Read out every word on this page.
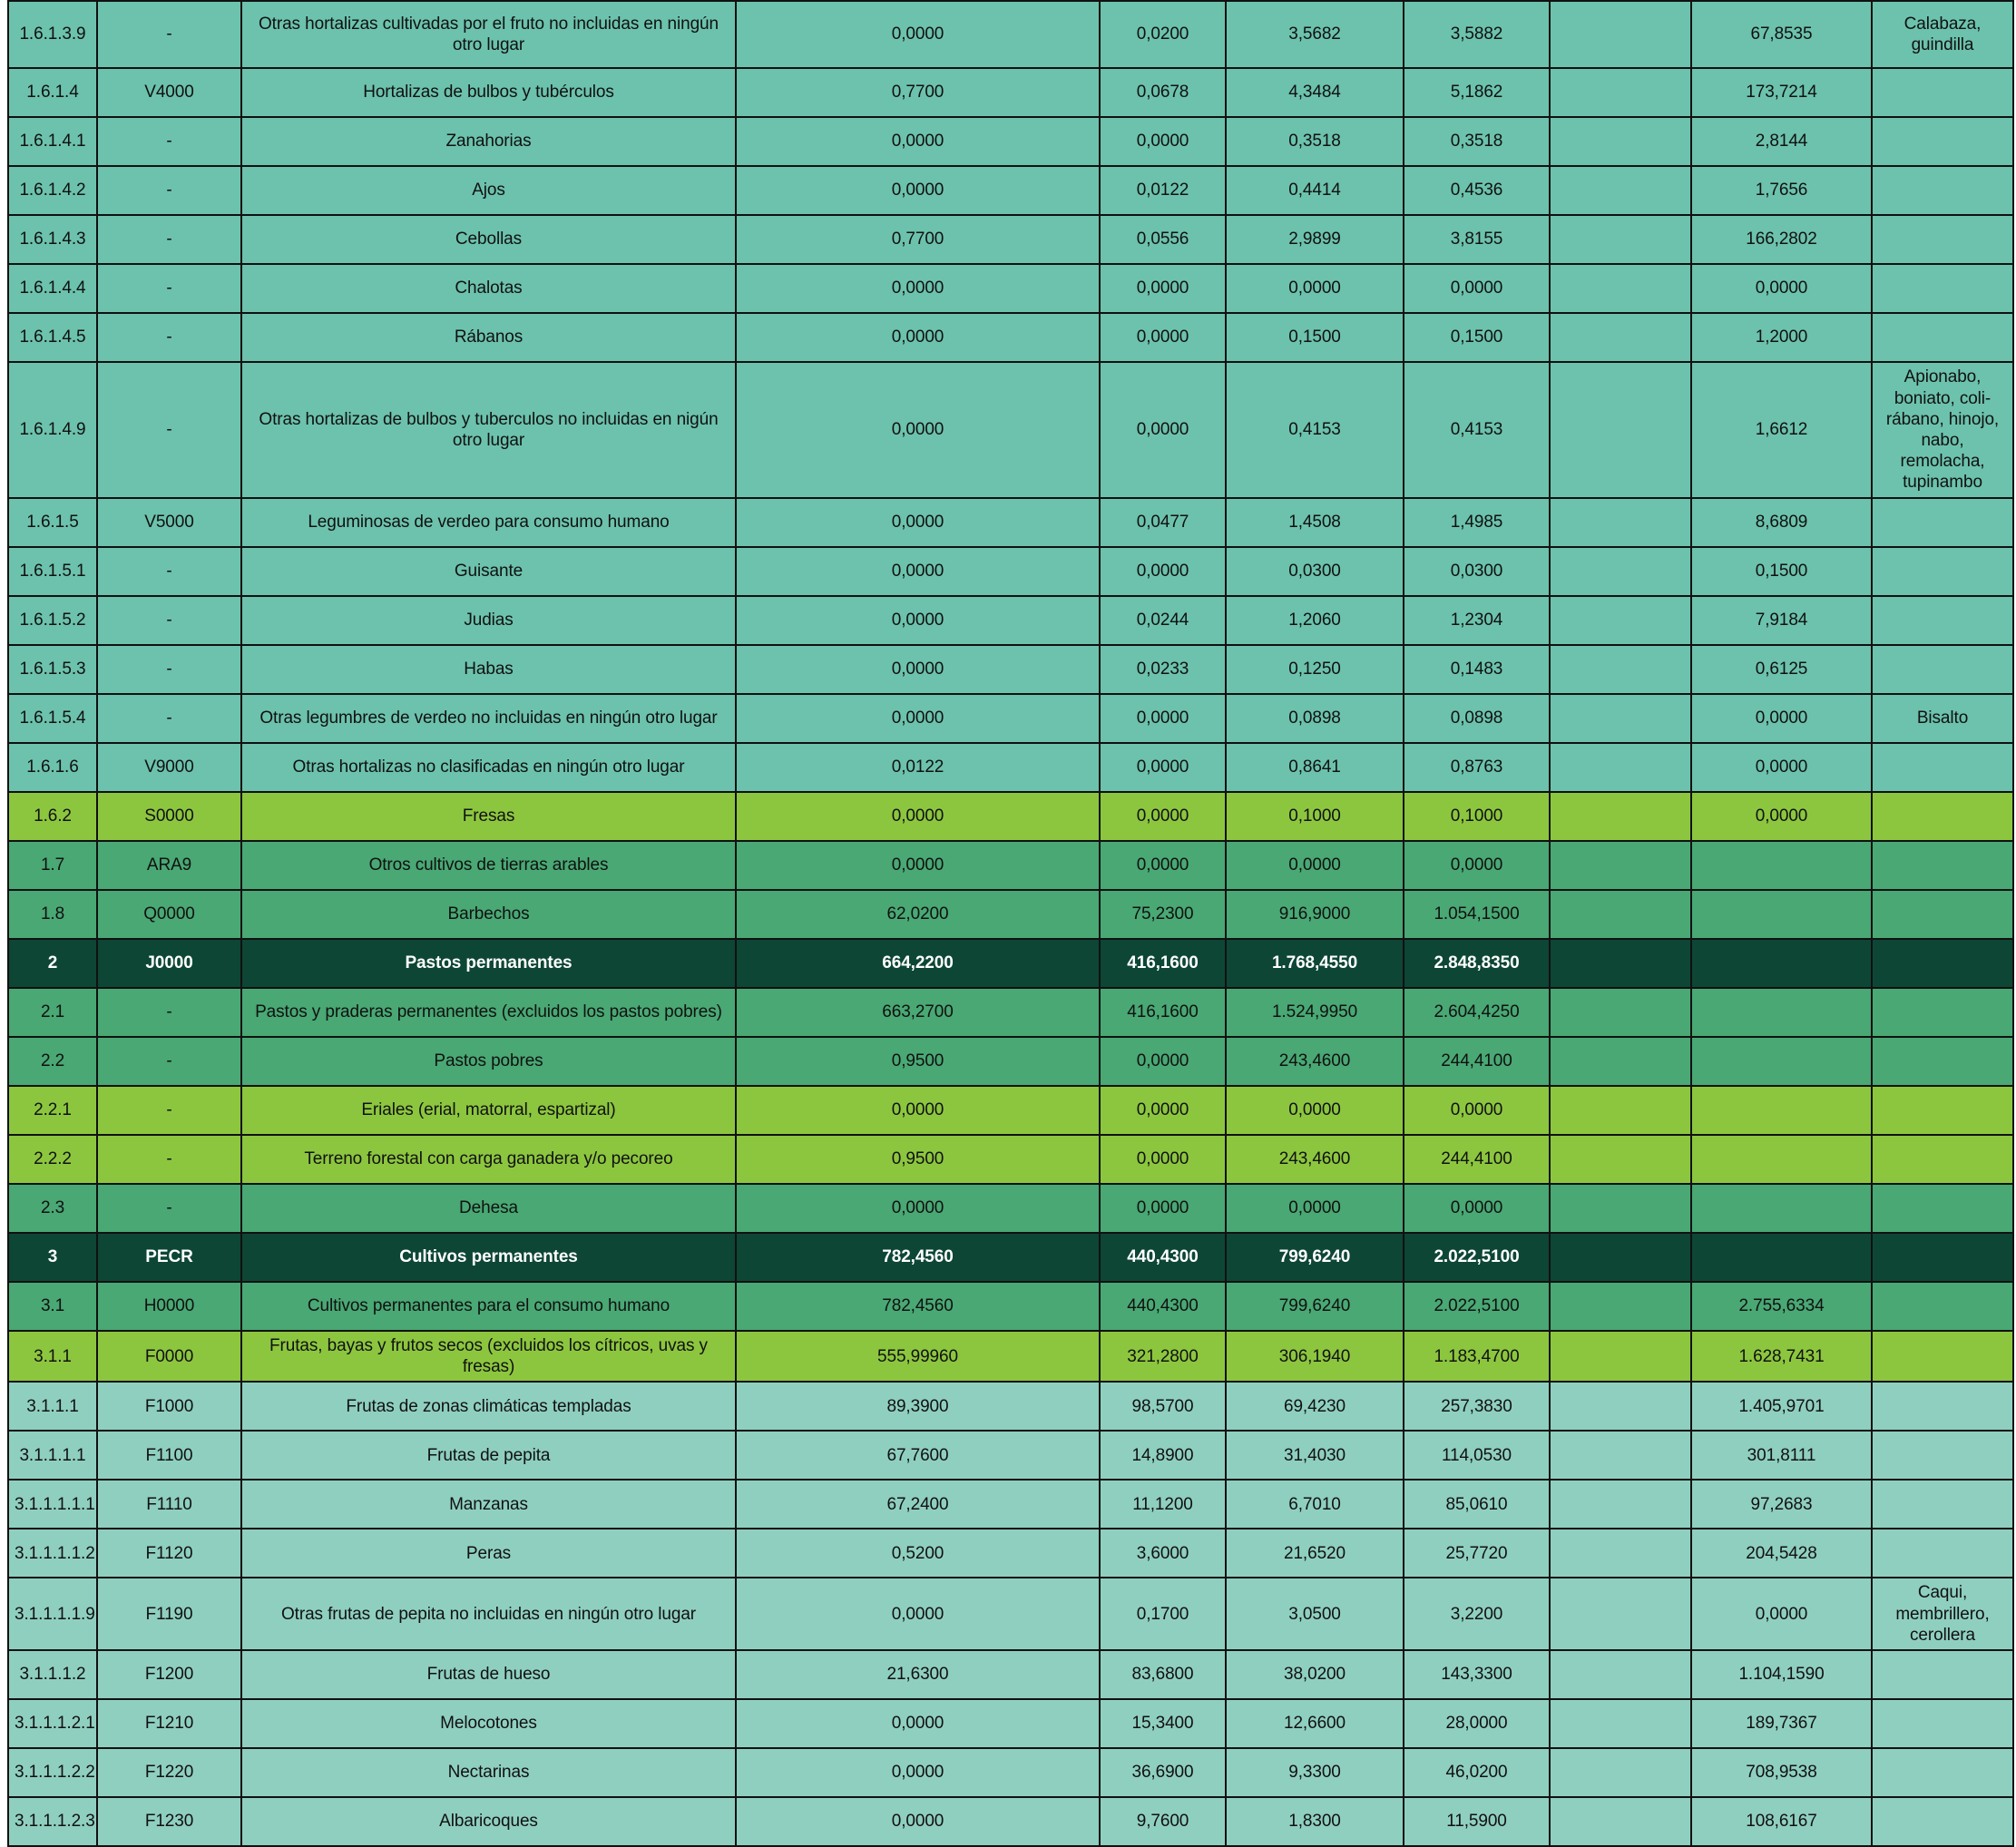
1.6.1.3.9	-	Otras hortalizas cultivadas por el fruto no incluidas en ningún otro lugar	0,0000	0,0200	3,5682	3,5882		67,8535	Calabaza, guindilla
1.6.1.4	V4000	Hortalizas de bulbos y tubérculos	0,7700	0,0678	4,3484	5,1862		173,7214	
1.6.1.4.1	-	Zanahorias	0,0000	0,0000	0,3518	0,3518		2,8144	
1.6.1.4.2	-	Ajos	0,0000	0,0122	0,4414	0,4536		1,7656	
1.6.1.4.3	-	Cebollas	0,7700	0,0556	2,9899	3,8155		166,2802	
1.6.1.4.4	-	Chalotas	0,0000	0,0000	0,0000	0,0000		0,0000	
1.6.1.4.5	-	Rábanos	0,0000	0,0000	0,1500	0,1500		1,2000	
1.6.1.4.9	-	Otras hortalizas de bulbos y tuberculos no incluidas en nigún otro lugar	0,0000	0,0000	0,4153	0,4153		1,6612	Apionabo, boniato, coli-rábano, hinojo, nabo, remolacha, tupinambo
1.6.1.5	V5000	Leguminosas de verdeo para consumo humano	0,0000	0,0477	1,4508	1,4985		8,6809	
1.6.1.5.1	-	Guisante	0,0000	0,0000	0,0300	0,0300		0,1500	
1.6.1.5.2	-	Judias	0,0000	0,0244	1,2060	1,2304		7,9184	
1.6.1.5.3	-	Habas	0,0000	0,0233	0,1250	0,1483		0,6125	
1.6.1.5.4	-	Otras legumbres de verdeo no incluidas en ningún otro lugar	0,0000	0,0000	0,0898	0,0898		0,0000	Bisalto
1.6.1.6	V9000	Otras hortalizas no clasificadas en ningún otro lugar	0,0122	0,0000	0,8641	0,8763		0,0000	
1.6.2	S0000	Fresas	0,0000	0,0000	0,1000	0,1000		0,0000	
1.7	ARA9	Otros cultivos de tierras arables	0,0000	0,0000	0,0000	0,0000			
1.8	Q0000	Barbechos	62,0200	75,2300	916,9000	1.054,1500			
2	J0000	Pastos permanentes	664,2200	416,1600	1.768,4550	2.848,8350			
2.1	-	Pastos y praderas permanentes (excluidos los pastos pobres)	663,2700	416,1600	1.524,9950	2.604,4250			
2.2	-	Pastos pobres	0,9500	0,0000	243,4600	244,4100			
2.2.1	-	Eriales (erial, matorral, espartizal)	0,0000	0,0000	0,0000	0,0000			
2.2.2	-	Terreno forestal con carga ganadera y/o pecoreo	0,9500	0,0000	243,4600	244,4100			
2.3	-	Dehesa	0,0000	0,0000	0,0000	0,0000			
3	PECR	Cultivos permanentes	782,4560	440,4300	799,6240	2.022,5100			
3.1	H0000	Cultivos permanentes para el consumo humano	782,4560	440,4300	799,6240	2.022,5100		2.755,6334	
3.1.1	F0000	Frutas, bayas y frutos secos (excluidos los cítricos, uvas y fresas)	555,99960	321,2800	306,1940	1.183,4700		1.628,7431	
3.1.1.1	F1000	Frutas de zonas climáticas templadas	89,3900	98,5700	69,4230	257,3830		1.405,9701	
3.1.1.1.1	F1100	Frutas de pepita	67,7600	14,8900	31,4030	114,0530		301,8111	
3.1.1.1.1.1	F1110	Manzanas	67,2400	11,1200	6,7010	85,0610		97,2683	
3.1.1.1.1.2	F1120	Peras	0,5200	3,6000	21,6520	25,7720		204,5428	
3.1.1.1.1.9	F1190	Otras frutas de pepita no incluidas en ningún otro lugar	0,0000	0,1700	3,0500	3,2200		0,0000	Caqui, membrillero, cerollera
3.1.1.1.2	F1200	Frutas de hueso	21,6300	83,6800	38,0200	143,3300		1.104,1590	
3.1.1.1.2.1	F1210	Melocotones	0,0000	15,3400	12,6600	28,0000		189,7367	
3.1.1.1.2.2	F1220	Nectarinas	0,0000	36,6900	9,3300	46,0200		708,9538	
3.1.1.1.2.3	F1230	Albaricoques	0,0000	9,7600	1,8300	11,5900		108,6167	
